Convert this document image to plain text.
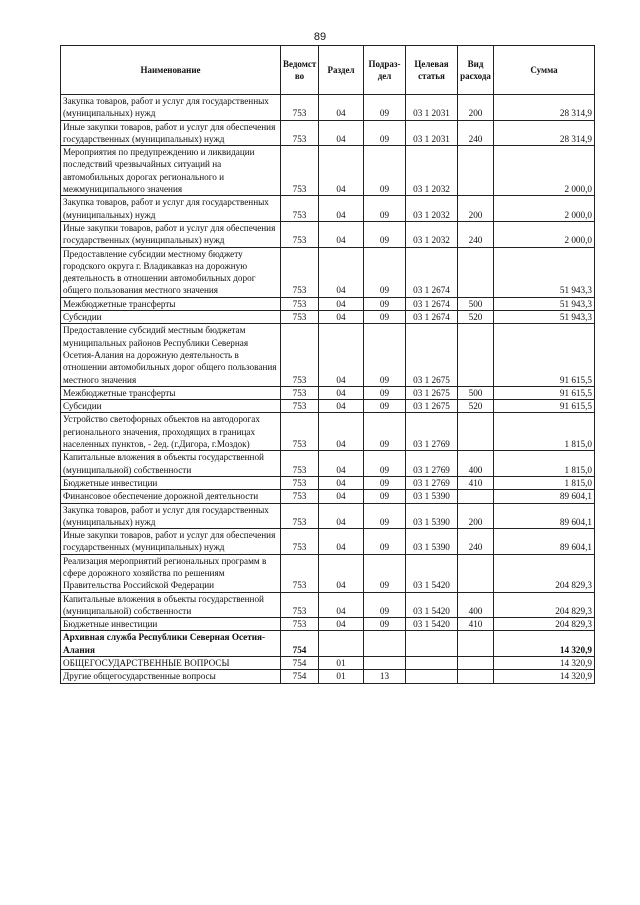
89
Наименование	Ведомст во	Раздел	Подраз- дел	Целевая статья	Вид расхода	Сумма
Закупка товаров, работ и услуг для государственных (муниципальных) нужд	753	04	09	03 1 2031	200	28 314,9
Иные закупки товаров, работ и услуг для обеспечения государственных (муниципальных) нужд	753	04	09	03 1 2031	240	28 314,9
Мероприятия по предупреждению и ликвидации последствий чрезвычайных ситуаций на автомобильных дорогах регионального и межмуниципального значения	753	04	09	03 1 2032		2 000,0
Закупка товаров, работ и услуг для государственных (муниципальных) нужд	753	04	09	03 1 2032	200	2 000,0
Иные закупки товаров, работ и услуг для обеспечения государственных (муниципальных) нужд	753	04	09	03 1 2032	240	2 000,0
Предоставление субсидии местному бюджету городского округа г. Владикавказ на дорожную деятельность в отношении автомобильных дорог общего пользования местного значения	753	04	09	03 1 2674		51 943,3
Межбюджетные трансферты	753	04	09	03 1 2674	500	51 943,3
Субсидии	753	04	09	03 1 2674	520	51 943,3
Предоставление субсидий местным бюджетам муниципальных районов Республики Северная Осетия-Алания на дорожную деятельность в отношении автомобильных дорог общего пользования местного значения	753	04	09	03 1 2675		91 615,5
Межбюджетные трансферты	753	04	09	03 1 2675	500	91 615,5
Субсидии	753	04	09	03 1 2675	520	91 615,5
Устройство светофорных объектов на автодорогах регионального значения, проходящих в границах населенных пунктов, - 2ед. (г.Дигора, г.Моздок)	753	04	09	03 1 2769		1 815,0
Капитальные вложения в объекты государственной (муниципальной) собственности	753	04	09	03 1 2769	400	1 815,0
Бюджетные инвестиции	753	04	09	03 1 2769	410	1 815,0
Финансовое обеспечение дорожной деятельности	753	04	09	03 1 5390		89 604,1
Закупка товаров, работ и услуг для государственных (муниципальных) нужд	753	04	09	03 1 5390	200	89 604,1
Иные закупки товаров, работ и услуг для обеспечения государственных (муниципальных) нужд	753	04	09	03 1 5390	240	89 604,1
Реализация мероприятий региональных программ в сфере дорожного хозяйства по решениям Правительства Российской Федерации	753	04	09	03 1 5420		204 829,3
Капитальные вложения в объекты государственной (муниципальной) собственности	753	04	09	03 1 5420	400	204 829,3
Бюджетные инвестиции	753	04	09	03 1 5420	410	204 829,3
Архивная служба Республики Северная Осетия-Алания	754					14 320,9
ОБЩЕГОСУДАРСТВЕННЫЕ ВОПРОСЫ	754	01				14 320,9
Другие общегосударственные вопросы	754	01	13			14 320,9
